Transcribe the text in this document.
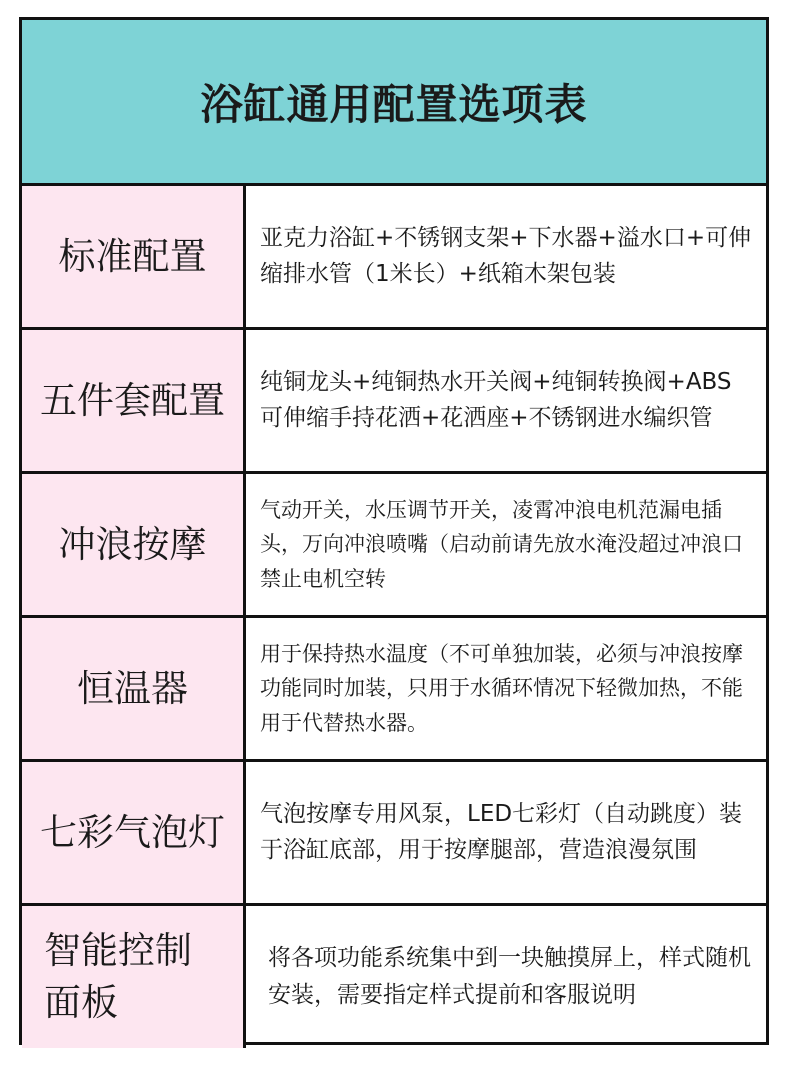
浴缸通用配置选项表
标准配置 亚克力浴缸+不锈钢支架+下水器+溢水口+可伸缩排水管（1米长）+纸箱木架包装
五件套配置 纯铜龙头+纯铜热水开关阀+纯铜转换阀+ABS可伸缩手持花洒+花洒座+不锈钢进水编织管
冲浪按摩
气动开关，水压调节开关，凌霄冲浪电机范漏电插头，万向冲浪喷嘴（启动前请先放水淹没超过冲浪口禁止电机空转
恒温器
用于保持热水温度（不可单独加装，必须与冲浪按摩功能同时加装，只用于水循环情况下轻微加热，不能用于代替热水器。
七彩气泡灯 气泡按摩专用风泵，LED七彩灯（自动跳度）装于浴缸底部，用于按摩腿部，营造浪漫氛围
智能控制面板
将各项功能系统集中到一块触摸屏上，样式随机安装，需要指定样式提前和客服说明
